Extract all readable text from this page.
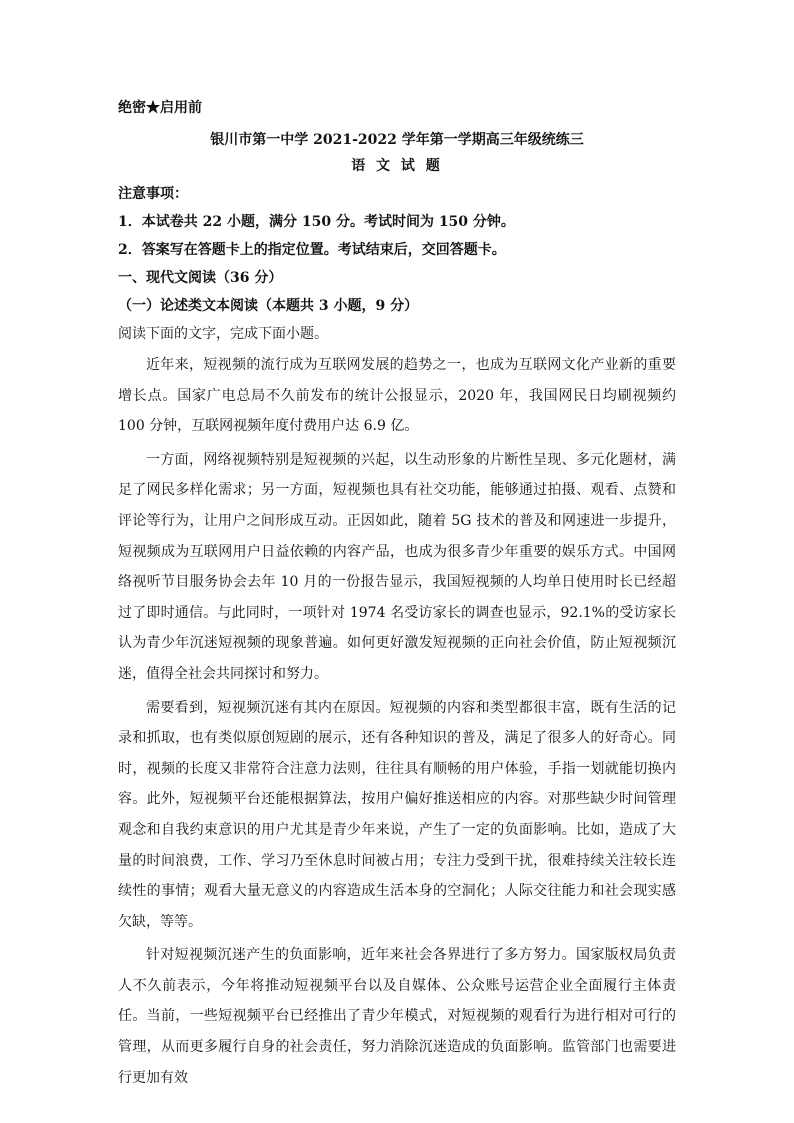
绝密★启用前
银川市第一中学 2021-2022 学年第一学期高三年级统练三
语 文 试 题
注意事项：
1．本试卷共 22 小题，满分 150 分。考试时间为 150 分钟。
2．答案写在答题卡上的指定位置。考试结束后，交回答题卡。
一、现代文阅读（36 分）
（一）论述类文本阅读（本题共 3 小题，9 分）
阅读下面的文字，完成下面小题。

近年来，短视频的流行成为互联网发展的趋势之一，也成为互联网文化产业新的重要增长点。国家广电总局不久前发布的统计公报显示，2020 年，我国网民日均刷视频约 100 分钟，互联网视频年度付费用户达 6.9 亿。

一方面，网络视频特别是短视频的兴起，以生动形象的片断性呈现、多元化题材，满足了网民多样化需求；另一方面，短视频也具有社交功能，能够通过拍摄、观看、点赞和评论等行为，让用户之间形成互动。正因如此，随着 5G 技术的普及和网速进一步提升，短视频成为互联网用户日益依赖的内容产品，也成为很多青少年重要的娱乐方式。中国网络视听节目服务协会去年 10 月的一份报告显示，我国短视频的人均单日使用时长已经超过了即时通信。与此同时，一项针对 1974 名受访家长的调查也显示，92.1%的受访家长认为青少年沉迷短视频的现象普遍。如何更好激发短视频的正向社会价值，防止短视频沉迷，值得全社会共同探讨和努力。

需要看到，短视频沉迷有其内在原因。短视频的内容和类型都很丰富，既有生活的记录和抓取，也有类似原创短剧的展示，还有各种知识的普及，满足了很多人的好奇心。同时，视频的长度又非常符合注意力法则，往往具有顺畅的用户体验，手指一划就能切换内容。此外，短视频平台还能根据算法，按用户偏好推送相应的内容。对那些缺少时间管理观念和自我约束意识的用户尤其是青少年来说，产生了一定的负面影响。比如，造成了大量的时间浪费，工作、学习乃至休息时间被占用；专注力受到干扰，很难持续关注较长连续性的事情；观看大量无意义的内容造成生活本身的空洞化；人际交往能力和社会现实感欠缺，等等。

针对短视频沉迷产生的负面影响，近年来社会各界进行了多方努力。国家版权局负责人不久前表示，今年将推动短视频平台以及自媒体、公众账号运营企业全面履行主体责任。当前，一些短视频平台已经推出了青少年模式，对短视频的观看行为进行相对可行的管理，从而更多履行自身的社会责任，努力消除沉迷造成的负面影响。监管部门也需要进行更加有效
